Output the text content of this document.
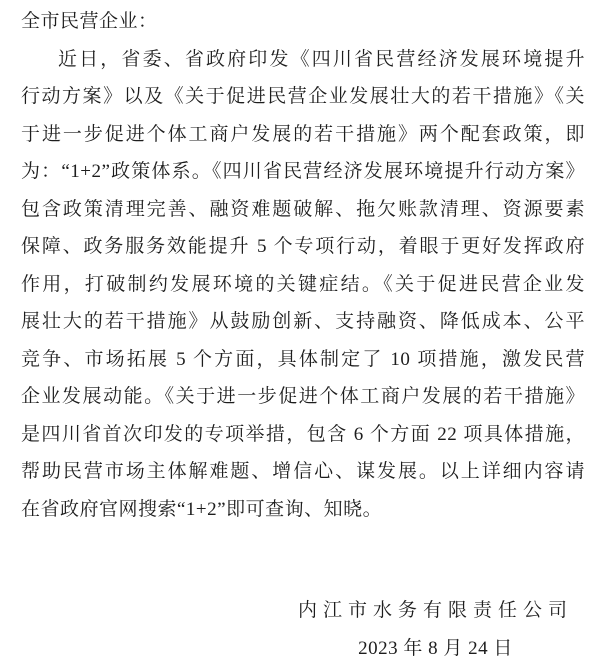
全市民营企业：
近日，省委、省政府印发《四川省民营经济发展环境提升
行动方案》以及《关于促进民营企业发展壮大的若干措施》《关
于进一步促进个体工商户发展的若干措施》两个配套政策，即
为：“1+2”政策体系。《四川省民营经济发展环境提升行动方案》
包含政策清理完善、融资难题破解、拖欠账款清理、资源要素
保障、政务服务效能提升 5 个专项行动，着眼于更好发挥政府
作用，打破制约发展环境的关键症结。《关于促进民营企业发
展壮大的若干措施》从鼓励创新、支持融资、降低成本、公平
竞争、市场拓展 5 个方面，具体制定了 10 项措施，激发民营
企业发展动能。《关于进一步促进个体工商户发展的若干措施》
是四川省首次印发的专项举措，包含 6 个方面 22 项具体措施，
帮助民营市场主体解难题、增信心、谋发展。以上详细内容请
在省政府官网搜索“1+2”即可查询、知晓。
内江市水务有限责任公司
2023 年 8 月 24 日
